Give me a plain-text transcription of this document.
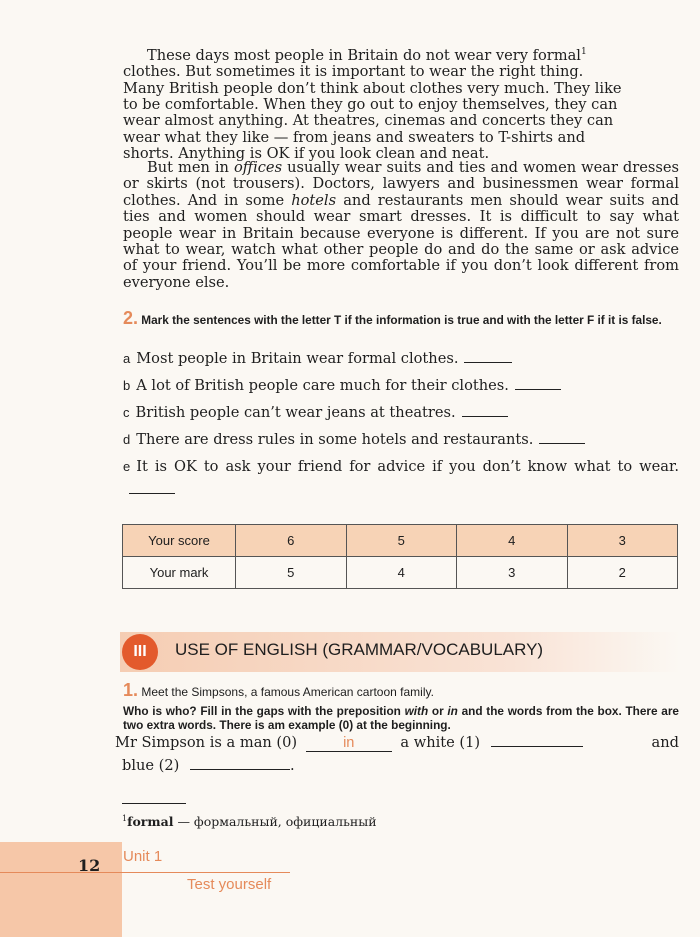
These days most people in Britain do not wear very formal$^1$
clothes. But sometimes it is important to wear the right thing.
Many British people don’t think about clothes very much. They like
to be comfortable. When they go out to enjoy themselves, they can
wear almost anything. At theatres, cinemas and concerts they can
wear what they like — from jeans and sweaters to T-shirts and
shorts. Anything is OK if you look clean and neat.

But men in offices usually wear suits and ties and women wear dresses or skirts (not trousers). Doctors, lawyers and businessmen wear formal clothes. And in some hotels and restaurants men should wear suits and ties and women should wear smart dresses. It is difficult to say what people wear in Britain because everyone is different. If you are not sure what to wear, watch what other people do and do the same or ask advice of your friend. You’ll be more comfortable if you don’t look different from everyone else.

2. Mark the sentences with the letter T if the information is true and with the letter F if it is false.
a Most people in Britain wear formal clothes.
b A lot of British people care much for their clothes.
c British people can’t wear jeans at theatres.
d There are dress rules in some hotels and restaurants.
e It is OK to ask your friend for advice if you don’t know what to wear.
Your score	6	5	4	3
Your mark	5	4	3	2
III	USE OF ENGLISH (GRAMMAR/VOCABULARY)
1. Meet the Simpsons, a famous American cartoon family.
Who is who? Fill in the gaps with the preposition with or in and the words from the box. There are two extra words. There is am example (0) at the beginning.
Mr Simpson is a man (0)	in	a white (1)	and
blue (2)	.
$^1$formal — формальный, официальный
12 Unit 1
Test yourself
